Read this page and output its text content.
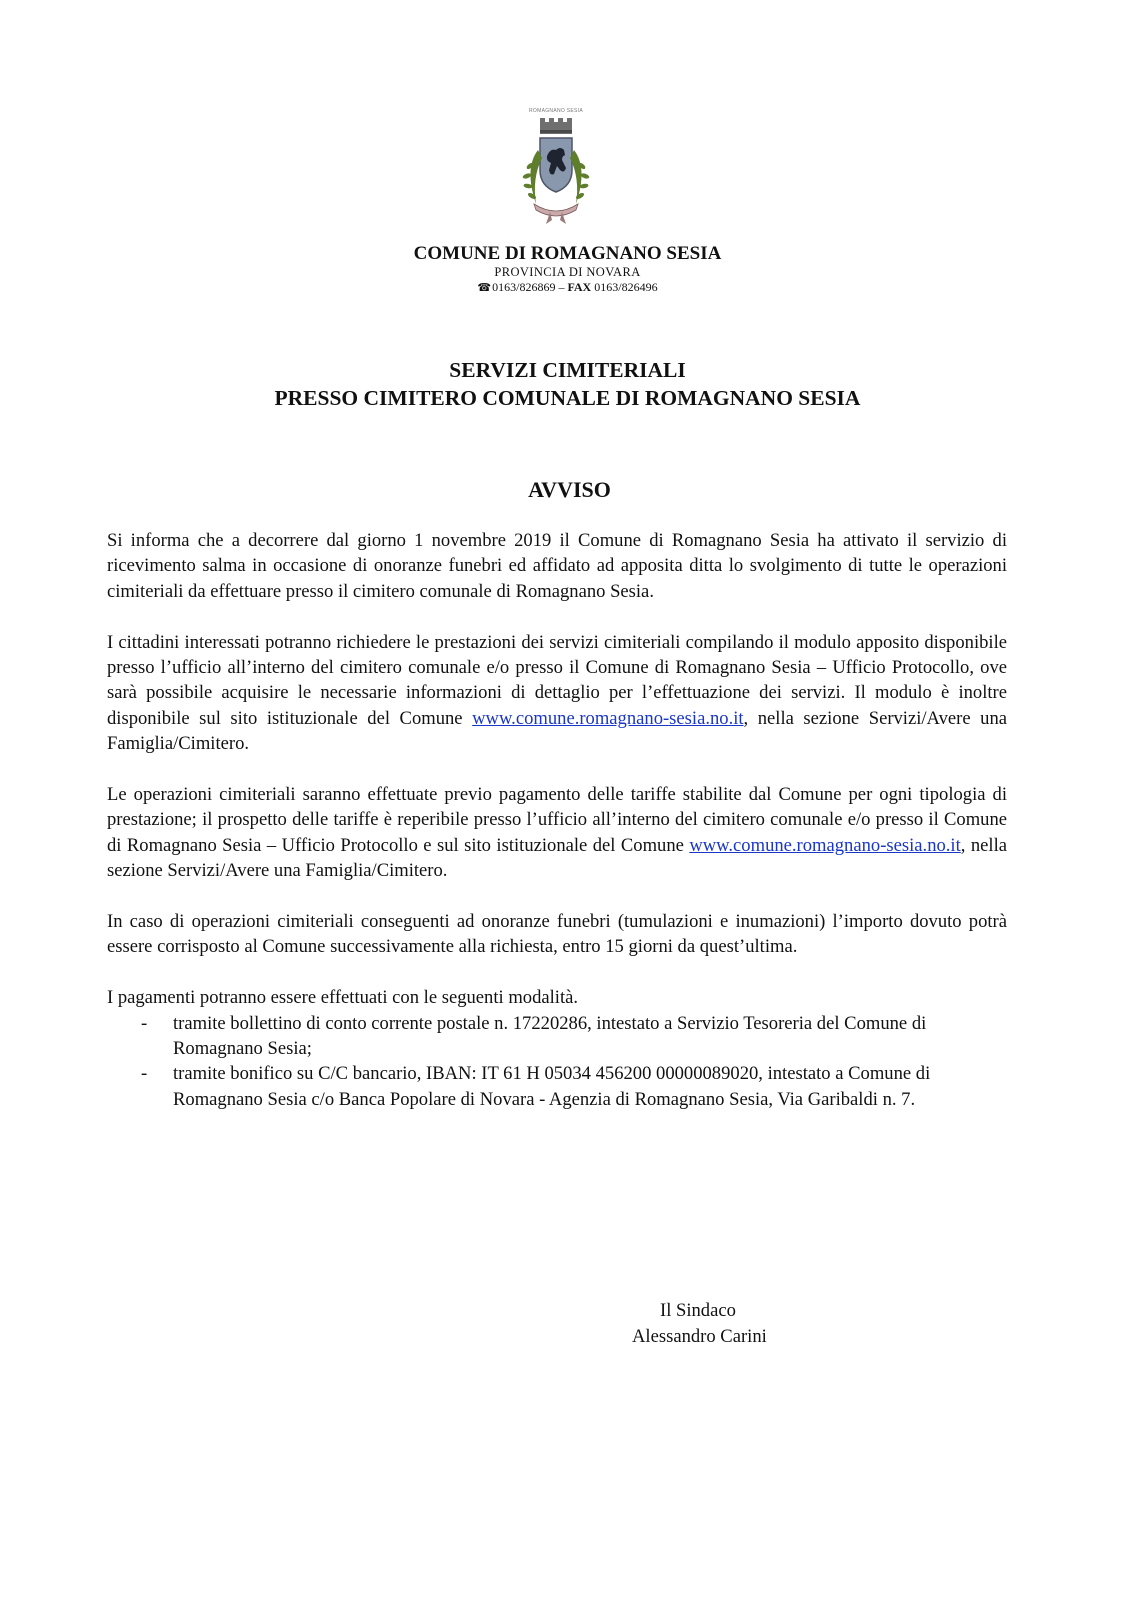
ROMAGNANO SESIA

COMUNE DI ROMAGNANO SESIA

PROVINCIA DI NOVARA

☎0163/826869 – FAX 0163/826496

SERVIZI CIMITERIALI

PRESSO CIMITERO COMUNALE DI ROMAGNANO SESIA

AVVISO

Si informa che a decorrere dal giorno 1 novembre 2019 il Comune di Romagnano Sesia ha attivato il servizio di ricevimento salma in occasione di onoranze funebri ed affidato ad apposita ditta lo svolgimento di tutte le operazioni cimiteriali da effettuare presso il cimitero comunale di Romagnano Sesia.

I cittadini interessati potranno richiedere le prestazioni dei servizi cimiteriali compilando il modulo apposito disponibile presso l’ufficio all’interno del cimitero comunale e/o presso il Comune di Romagnano Sesia – Ufficio Protocollo, ove sarà possibile acquisire le necessarie informazioni di dettaglio per l’effettuazione dei servizi. Il modulo è inoltre disponibile sul sito istituzionale del Comune www.comune.romagnano-sesia.no.it, nella sezione Servizi/Avere una Famiglia/Cimitero.

Le operazioni cimiteriali saranno effettuate previo pagamento delle tariffe stabilite dal Comune per ogni tipologia di prestazione; il prospetto delle tariffe è reperibile presso l’ufficio all’interno del cimitero comunale e/o presso il Comune di Romagnano Sesia – Ufficio Protocollo e sul sito istituzionale del Comune www.comune.romagnano-sesia.no.it, nella sezione Servizi/Avere una Famiglia/Cimitero.

In caso di operazioni cimiteriali conseguenti ad onoranze funebri (tumulazioni e inumazioni) l’importo dovuto potrà essere corrisposto al Comune successivamente alla richiesta, entro 15 giorni da quest’ultima.

I pagamenti potranno essere effettuati con le seguenti modalità.

- tramite bollettino di conto corrente postale n. 17220286, intestato a Servizio Tesoreria del Comune di Romagnano Sesia;
- tramite bonifico su C/C bancario, IBAN: IT 61 H 05034 456200 00000089020, intestato a Comune di Romagnano Sesia c/o Banca Popolare di Novara - Agenzia di Romagnano Sesia, Via Garibaldi n. 7.
Il Sindaco
Alessandro Carini
